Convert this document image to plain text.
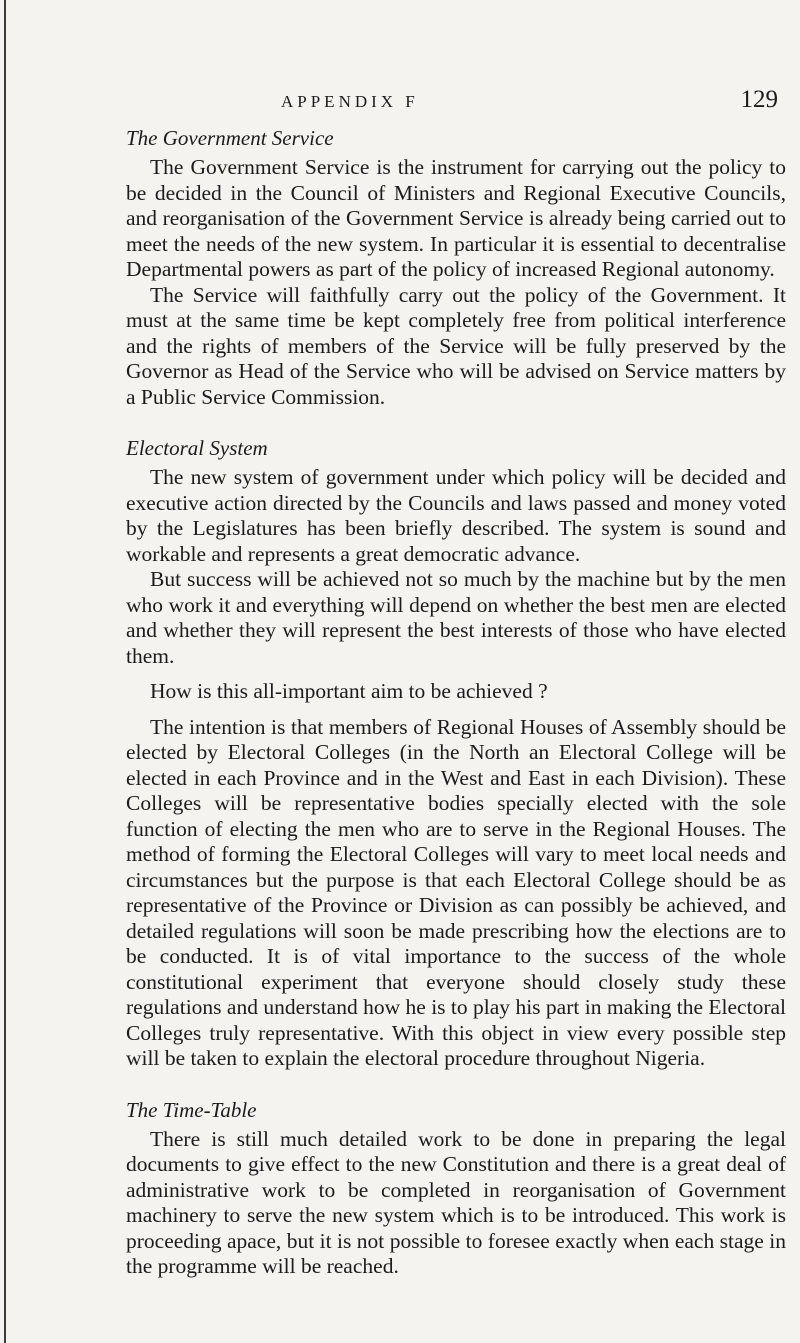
APPENDIX F	129
The Government Service

The Government Service is the instrument for carrying out the policy to be decided in the Council of Ministers and Regional Executive Councils, and reorganisation of the Government Service is already being carried out to meet the needs of the new system. In particular it is essential to decentralise Departmental powers as part of the policy of increased Regional autonomy.

The Service will faithfully carry out the policy of the Government. It must at the same time be kept completely free from political interference and the rights of members of the Service will be fully preserved by the Governor as Head of the Service who will be advised on Service matters by a Public Service Commission.

Electoral System

The new system of government under which policy will be decided and executive action directed by the Councils and laws passed and money voted by the Legislatures has been briefly described. The system is sound and workable and represents a great democratic advance.

But success will be achieved not so much by the machine but by the men who work it and everything will depend on whether the best men are elected and whether they will represent the best interests of those who have elected them.

How is this all-important aim to be achieved ?

The intention is that members of Regional Houses of Assembly should be elected by Electoral Colleges (in the North an Electoral College will be elected in each Province and in the West and East in each Division). These Colleges will be representative bodies specially elected with the sole function of electing the men who are to serve in the Regional Houses. The method of forming the Electoral Colleges will vary to meet local needs and circumstances but the purpose is that each Electoral College should be as representative of the Province or Division as can possibly be achieved, and detailed regulations will soon be made prescribing how the elections are to be conducted. It is of vital importance to the success of the whole constitutional experiment that everyone should closely study these regulations and understand how he is to play his part in making the Electoral Colleges truly representative. With this object in view every possible step will be taken to explain the electoral procedure throughout Nigeria.

The Time-Table

There is still much detailed work to be done in preparing the legal documents to give effect to the new Constitution and there is a great deal of administrative work to be completed in reorganisation of Government machinery to serve the new system which is to be introduced. This work is proceeding apace, but it is not possible to foresee exactly when each stage in the programme will be reached.
